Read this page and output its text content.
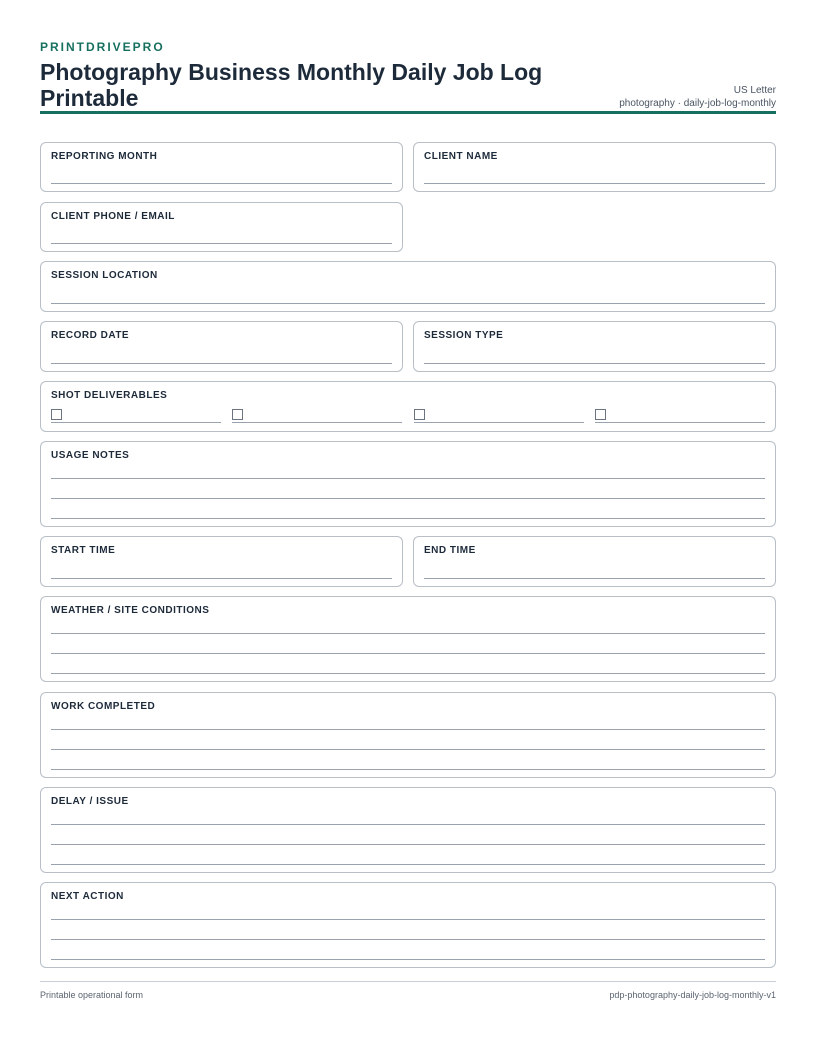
PRINTDRIVEPRO

Photography Business Monthly Daily Job Log Printable	US Letter
photography · daily-job-log-monthly
REPORTING MONTH	CLIENT NAME
CLIENT PHONE / EMAIL
SESSION LOCATION
RECORD DATE	SESSION TYPE
SHOT DELIVERABLES
USAGE NOTES
START TIME	END TIME
WEATHER / SITE CONDITIONS
WORK COMPLETED
DELAY / ISSUE
NEXT ACTION
Printable operational form	pdp-photography-daily-job-log-monthly-v1
